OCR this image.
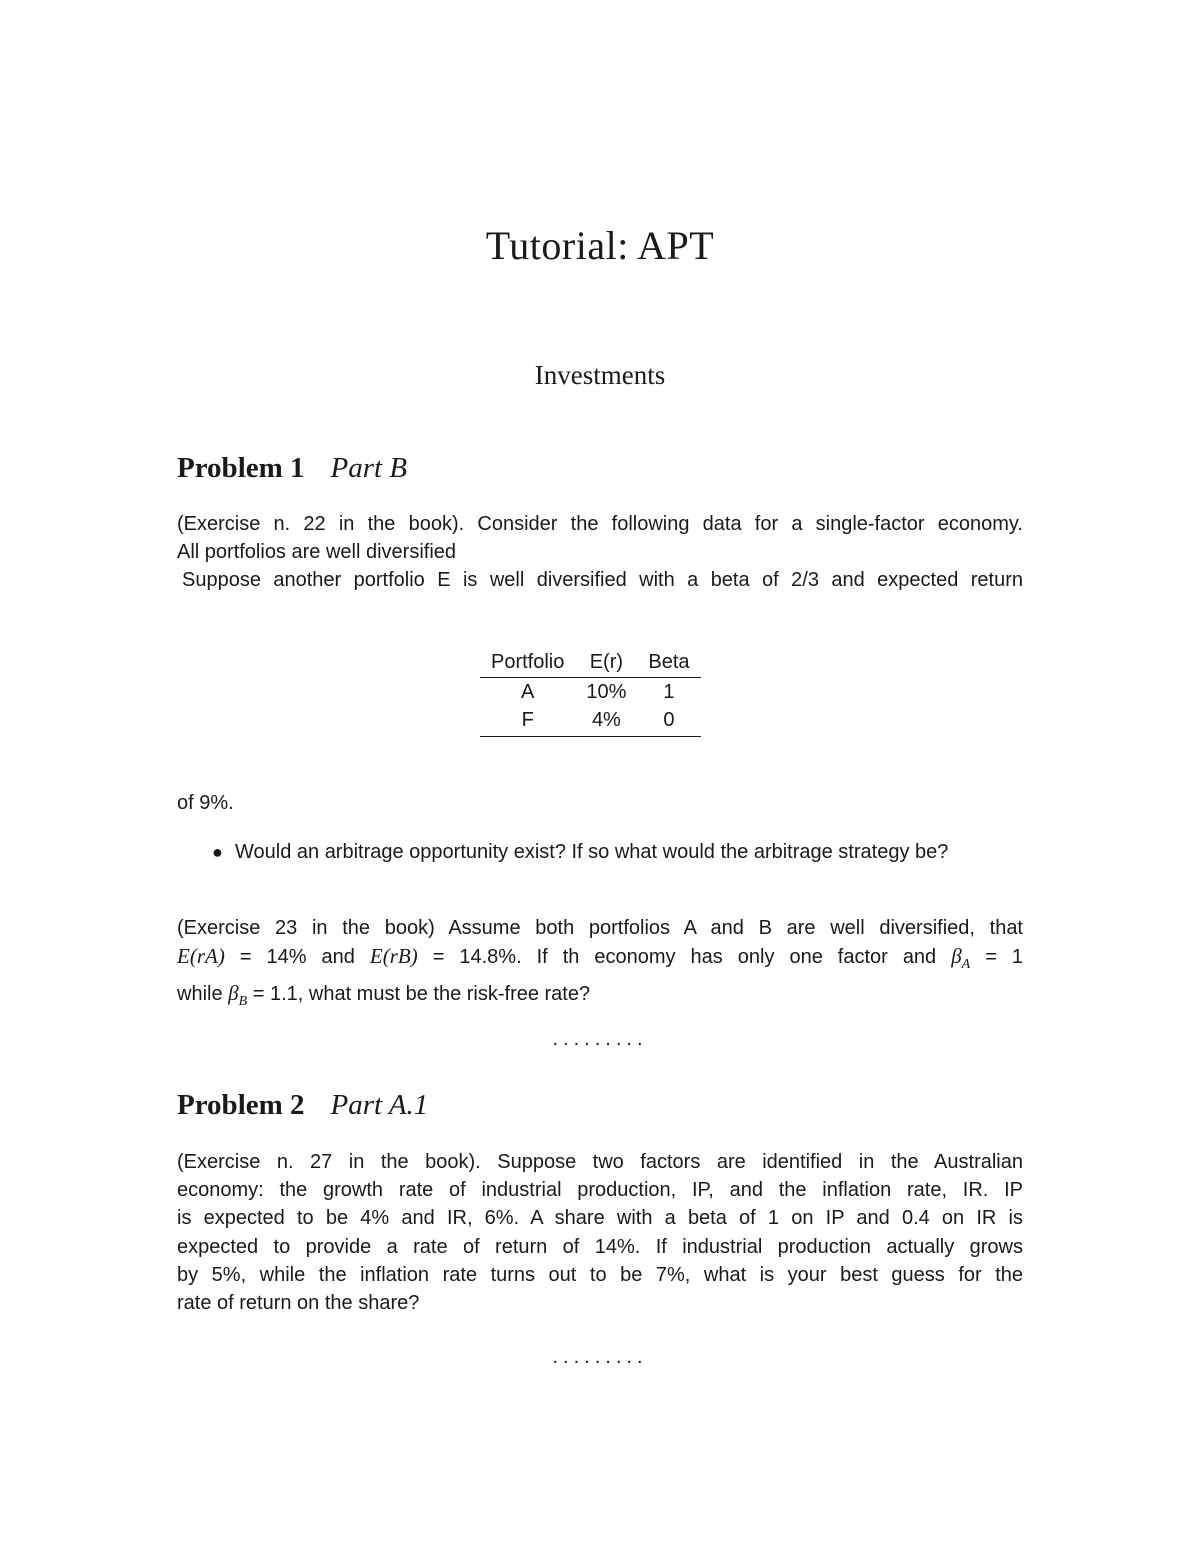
Tutorial: APT
Investments
Problem 1 Part B
(Exercise n. 22 in the book). Consider the following data for a single-factor economy.
All portfolios are well diversified
Suppose another portfolio E is well diversified with a beta of 2/3 and expected return
Portfolio	E(r)	Beta
A	10%	1
F	4%	0
of 9%.
● Would an arbitrage opportunity exist? If so what would the arbitrage strategy be?
(Exercise 23 in the book) Assume both portfolios A and B are well diversified, that
E(rA) = 14% and E(rB) = 14.8%. If th economy has only one factor and $\beta_A = 1$
while $\beta_B = 1.1$, what must be the risk-free rate?
.........
Problem 2 Part A.1
(Exercise n. 27 in the book). Suppose two factors are identified in the Australian
economy: the growth rate of industrial production, IP, and the inflation rate, IR. IP
is expected to be 4% and IR, 6%. A share with a beta of 1 on IP and 0.4 on IR is
expected to provide a rate of return of 14%. If industrial production actually grows
by 5%, while the inflation rate turns out to be 7%, what is your best guess for the
rate of return on the share?
.........
